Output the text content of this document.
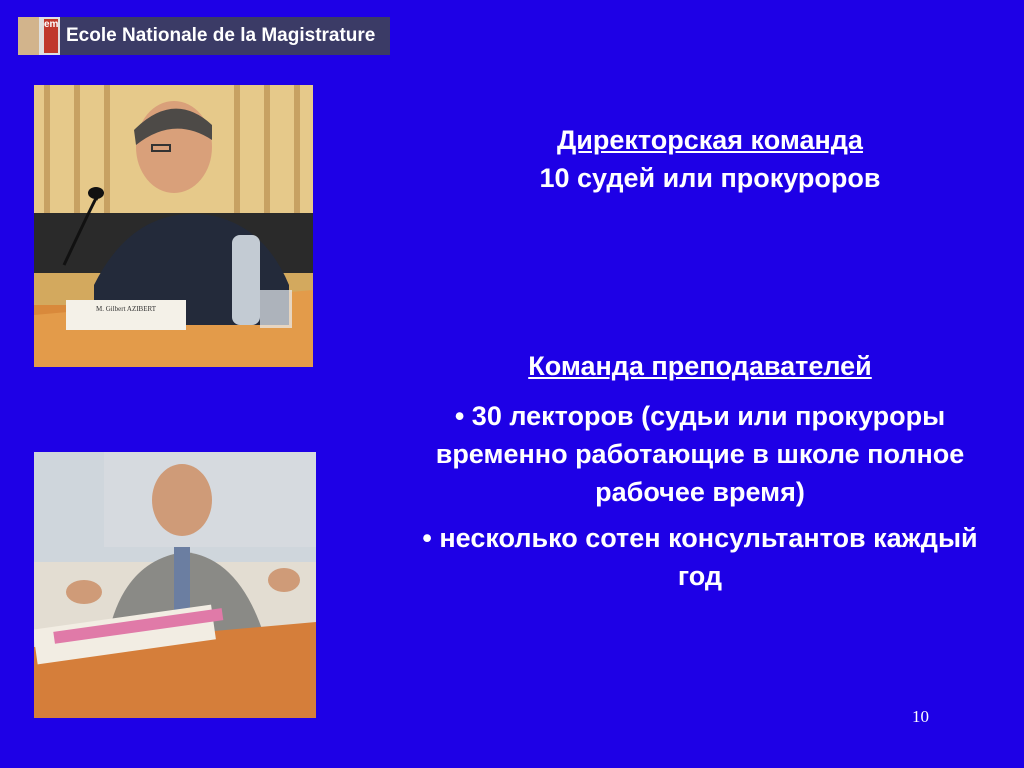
em
Ecole Nationale de la Magistrature
M. Gilbert AZIBERT
Директорская команда
10 судей или прокуроров
Команда преподавателей
• 30 лекторов (судьи или прокуроры временно работающие в школе полное рабочее время)
• несколько сотен консультантов каждый год
10
